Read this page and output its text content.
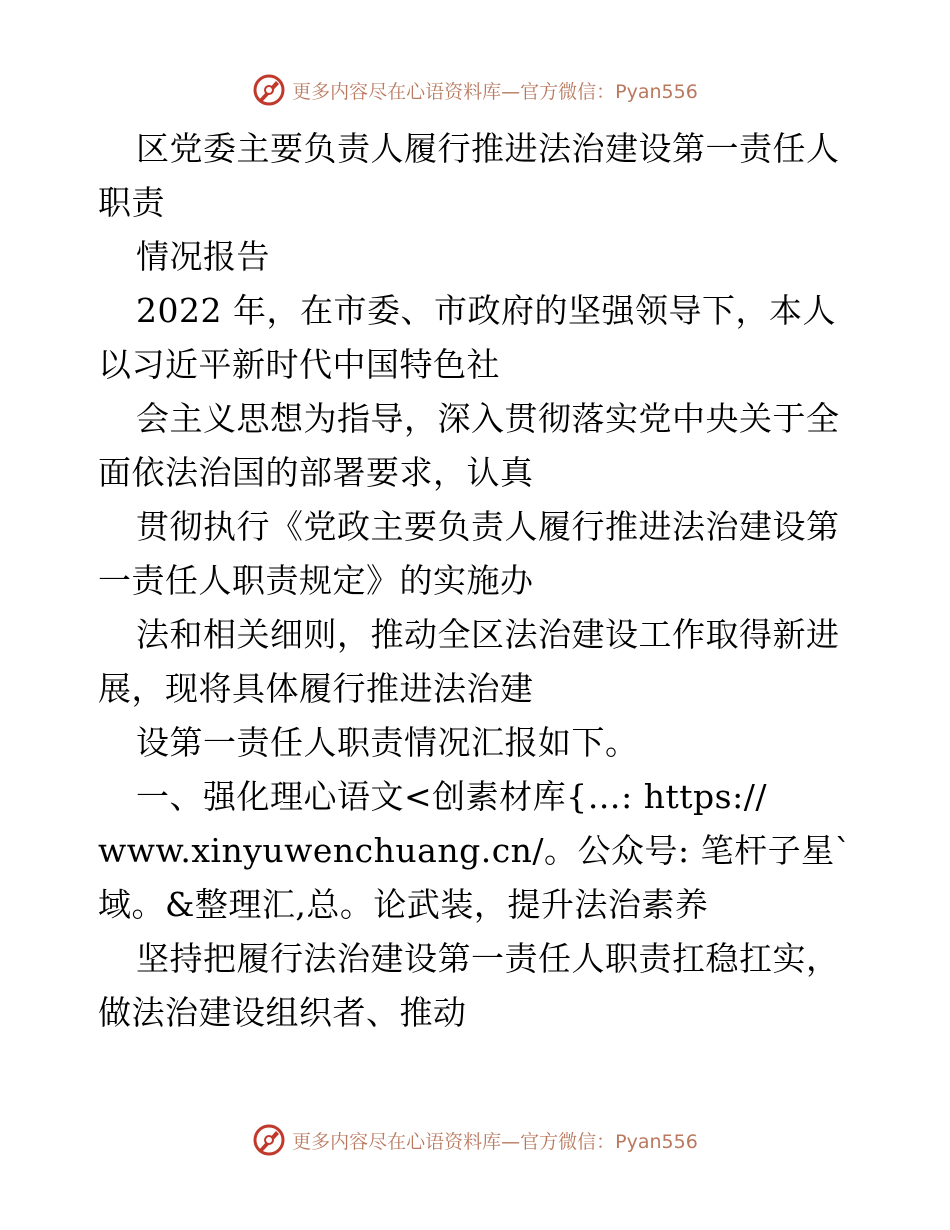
更多内容尽在心语资料库—官方微信：Pyan556
区党委主要负责人履行推进法治建设第一责任人
职责
情况报告
2022 年，在市委、市政府的坚强领导下，本人
以习近平新时代中国特色社
会主义思想为指导，深入贯彻落实党中央关于全
面依法治国的部署要求，认真
贯彻执行《党政主要负责人履行推进法治建设第
一责任人职责规定》的实施办
法和相关细则，推动全区法治建设工作取得新进
展，现将具体履行推进法治建
设第一责任人职责情况汇报如下。
一、强化理心语文<创素材库{…: https://
www.xinyuwenchuang.cn/。公众号: 笔杆子星`
域。&整理汇,总。论武装，提升法治素养
坚持把履行法治建设第一责任人职责扛稳扛实，
做法治建设组织者、推动
更多内容尽在心语资料库—官方微信：Pyan556
